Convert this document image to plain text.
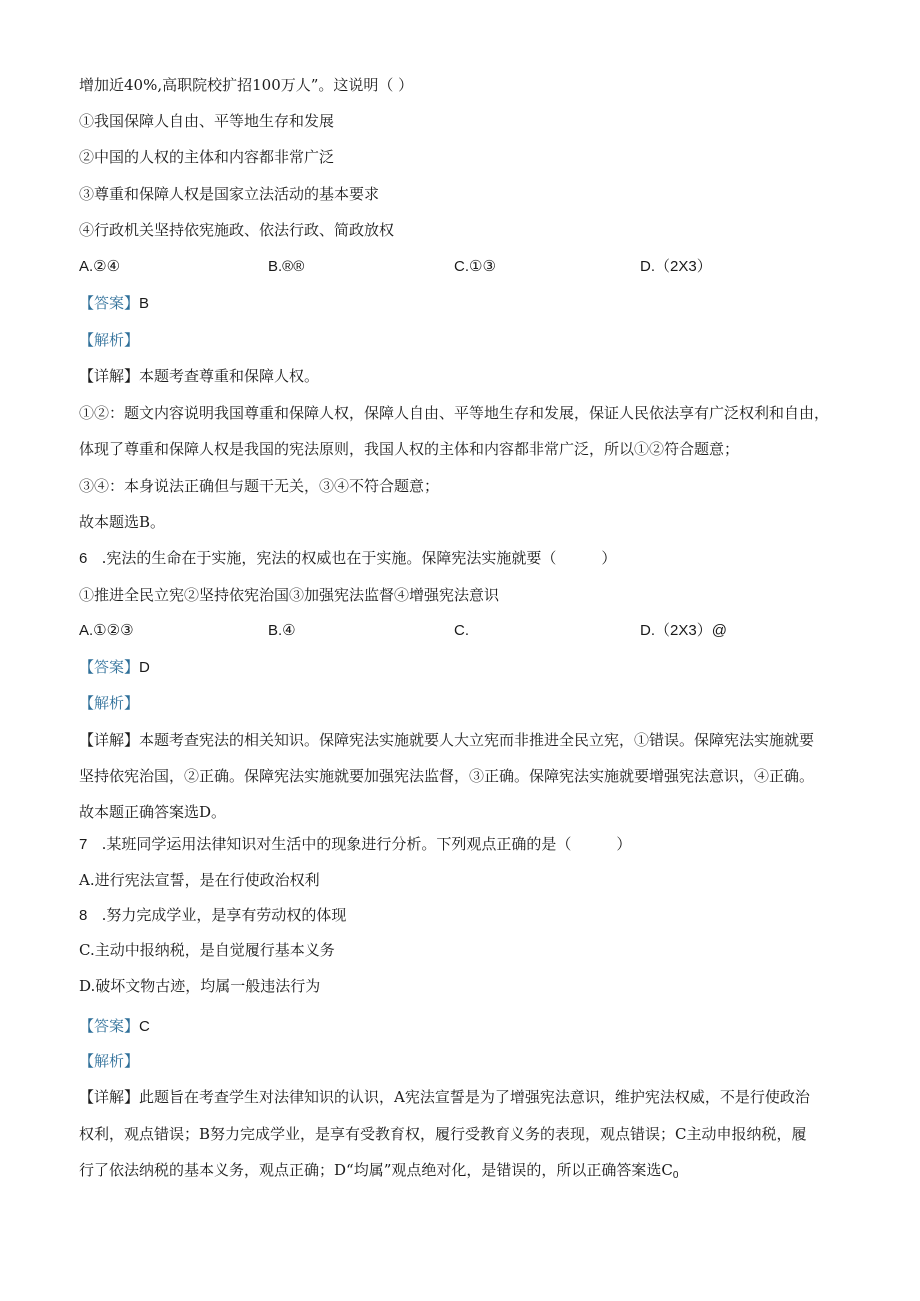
增加近40%,高职院校扩招100万人”。这说明（ ）
①我国保障人自由、平等地生存和发展
②中国的人权的主体和内容都非常广泛
③尊重和保障人权是国家立法活动的基本要求
④行政机关坚持依宪施政、依法行政、简政放权
A.②④	B.®®	C.①③	D.（2X3）
【答案】B
【解析】
【详解】本题考查尊重和保障人权。
①②：题文内容说明我国尊重和保障人权，保障人自由、平等地生存和发展，保证人民依法享有广泛权利和自由，
体现了尊重和保障人权是我国的宪法原则，我国人权的主体和内容都非常广泛，所以①②符合题意；
③④：本身说法正确但与题干无关，③④不符合题意；
故本题选B。
6 .宪法的生命在于实施，宪法的权威也在于实施。保障宪法实施就要（　　　）
①推进全民立宪②坚持依宪治国③加强宪法监督④增强宪法意识
A.①②③	B.④	C.	D.（2X3）@
【答案】D
【解析】
【详解】本题考查宪法的相关知识。保障宪法实施就要人大立宪而非推进全民立宪，①错误。保障宪法实施就要
坚持依宪治国，②正确。保障宪法实施就要加强宪法监督，③正确。保障宪法实施就要增强宪法意识，④正确。
故本题正确答案选D。
7 .某班同学运用法律知识对生活中的现象进行分析。下列观点正确的是（　　　）
A.进行宪法宣誓，是在行使政治权利
8 .努力完成学业，是享有劳动权的体现
C.主动中报纳税，是自觉履行基本义务
D.破坏文物古迹，均属一般违法行为
【答案】C
【解析】
【详解】此题旨在考查学生对法律知识的认识，A宪法宣誓是为了增强宪法意识，维护宪法权威，不是行使政治
权利，观点错误；B努力完成学业，是享有受教育权，履行受教育义务的表现，观点错误；C主动申报纳税，履
行了依法纳税的基本义务，观点正确；D“均属”观点绝对化，是错误的，所以正确答案选$C_0$
